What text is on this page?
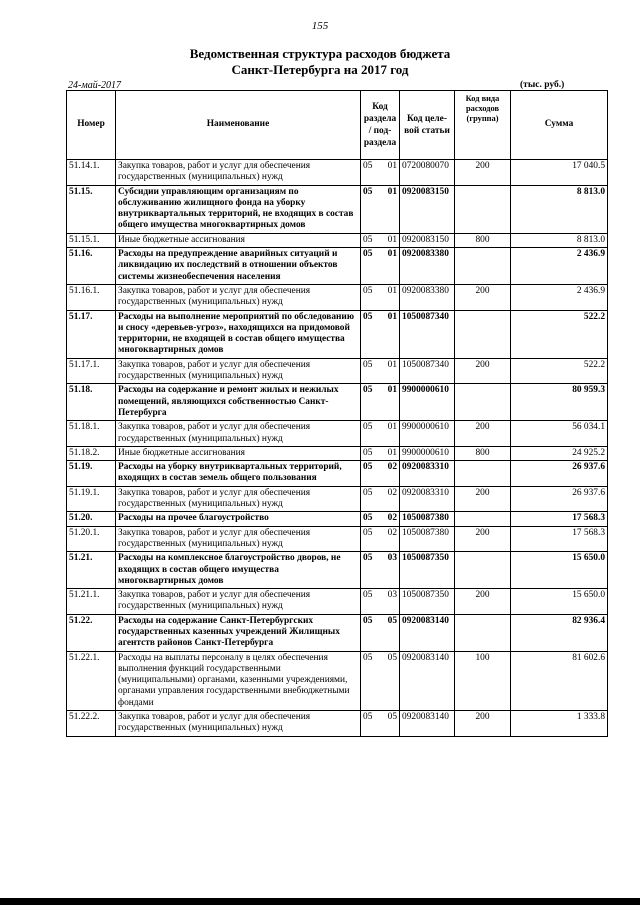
155
Ведомственная структура расходов бюджета
Санкт-Петербурга на 2017 год
24-май-2017	(тыс. руб.)
Номер	Наименование	Код раздела/ под- раздела		Код целе- вой статьи	Код вида расходов (группа)	Сумма
51.14.1.	Закупка товаров, работ и услуг для обеспечения государственных (муниципальных) нужд	05	01	0720080070	200	17 040.5
51.15.	Субсидии управляющим организациям по обслуживанию жилищного фонда на уборку внутриквартальных территорий, не входящих в состав общего имущества многоквартирных домов	05	01	0920083150		8 813.0
51.15.1.	Иные бюджетные ассигнования	05	01	0920083150	800	8 813.0
51.16.	Расходы на предупреждение аварийных ситуаций и ликвидацию их последствий в отношении объектов системы жизнеобеспечения населения	05	01	0920083380		2 436.9
51.16.1.	Закупка товаров, работ и услуг для обеспечения государственных (муниципальных) нужд	05	01	0920083380	200	2 436.9
51.17.	Расходы на выполнение мероприятий по обследованию и сносу «деревьев-угроз», находящихся на придомовой территории, не входящей в состав общего имущества многоквартирных домов	05	01	1050087340		522.2
51.17.1.	Закупка товаров, работ и услуг для обеспечения государственных (муниципальных) нужд	05	01	1050087340	200	522.2
51.18.	Расходы на содержание и ремонт жилых и нежилых помещений, являющихся собственностью Санкт-Петербурга	05	01	9900000610		80 959.3
51.18.1.	Закупка товаров, работ и услуг для обеспечения государственных (муниципальных) нужд	05	01	9900000610	200	56 034.1
51.18.2.	Иные бюджетные ассигнования	05	01	9900000610	800	24 925.2
51.19.	Расходы на уборку внутриквартальных территорий, входящих в состав земель общего пользования	05	02	0920083310		26 937.6
51.19.1.	Закупка товаров, работ и услуг для обеспечения государственных (муниципальных) нужд	05	02	0920083310	200	26 937.6
51.20.	Расходы на прочее благоустройство	05	02	1050087380		17 568.3
51.20.1.	Закупка товаров, работ и услуг для обеспечения государственных (муниципальных) нужд	05	02	1050087380	200	17 568.3
51.21.	Расходы на комплексное благоустройство дворов, не входящих в состав общего имущества многоквартирных домов	05	03	1050087350		15 650.0
51.21.1.	Закупка товаров, работ и услуг для обеспечения государственных (муниципальных) нужд	05	03	1050087350	200	15 650.0
51.22.	Расходы на содержание Санкт-Петербургских государственных казенных учреждений Жилищных агентств районов Санкт-Петербурга	05	05	0920083140		82 936.4
51.22.1.	Расходы на выплаты персоналу в целях обеспечения выполнения функций государственными (муниципальными) органами, казенными учреждениями, органами управления государственными внебюджетными фондами	05	05	0920083140	100	81 602.6
51.22.2.	Закупка товаров, работ и услуг для обеспечения государственных (муниципальных) нужд	05	05	0920083140	200	1 333.8
